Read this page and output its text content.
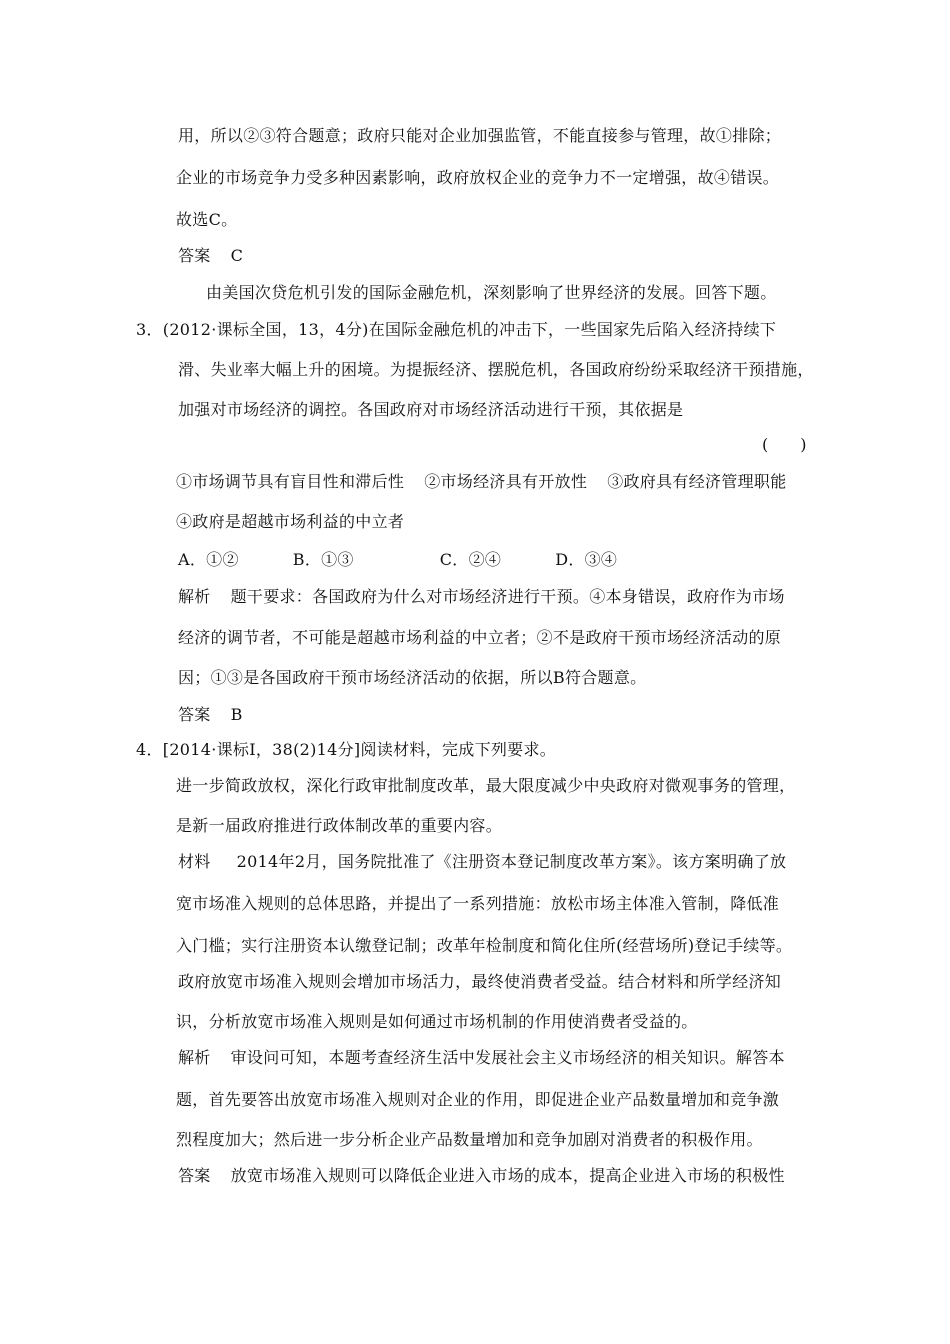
用，所以②③符合题意；政府只能对企业加强监管，不能直接参与管理，故①排除；
企业的市场竞争力受多种因素影响，政府放权企业的竞争力不一定增强，故④错误。
故选C。
答案 C
由美国次贷危机引发的国际金融危机，深刻影响了世界经济的发展。回答下题。
3．(2012·课标全国，13，4分)在国际金融危机的冲击下，一些国家先后陷入经济持续下
滑、失业率大幅上升的困境。为提振经济、摆脱危机，各国政府纷纷采取经济干预措施，
加强对市场经济的调控。各国政府对市场经济活动进行干预，其依据是
(　　)
①市场调节具有盲目性和滞后性 ②市场经济具有开放性 ③政府具有经济管理职能
④政府是超越市场利益的中立者
A．①②	B．①③	C．②④	D．③④
解析 题干要求：各国政府为什么对市场经济进行干预。④本身错误，政府作为市场
经济的调节者，不可能是超越市场利益的中立者；②不是政府干预市场经济活动的原
因；①③是各国政府干预市场经济活动的依据，所以B符合题意。
答案 B
4．[2014·课标Ⅰ，38(2)14分]阅读材料，完成下列要求。
进一步简政放权，深化行政审批制度改革，最大限度减少中央政府对微观事务的管理，
是新一届政府推进行政体制改革的重要内容。
材料 2014年2月，国务院批准了《注册资本登记制度改革方案》。该方案明确了放
宽市场准入规则的总体思路，并提出了一系列措施：放松市场主体准入管制，降低准
入门槛；实行注册资本认缴登记制；改革年检制度和简化住所(经营场所)登记手续等。
政府放宽市场准入规则会增加市场活力，最终使消费者受益。结合材料和所学经济知
识，分析放宽市场准入规则是如何通过市场机制的作用使消费者受益的。
解析 审设问可知，本题考查经济生活中发展社会主义市场经济的相关知识。解答本
题，首先要答出放宽市场准入规则对企业的作用，即促进企业产品数量增加和竞争激
烈程度加大；然后进一步分析企业产品数量增加和竞争加剧对消费者的积极作用。
答案 放宽市场准入规则可以降低企业进入市场的成本，提高企业进入市场的积极性
